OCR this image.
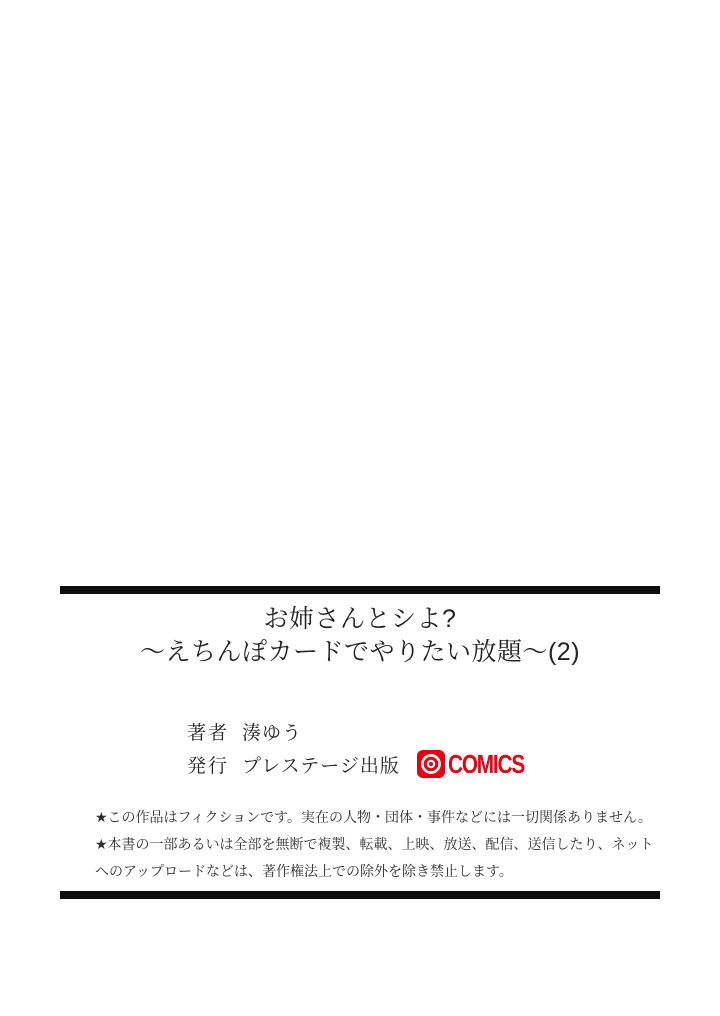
お姉さんとシよ?
～えちんぽカードでやりたい放題～(2)
著者 湊ゆう
発行 プレステージ出版 COMICS

★この作品はフィクションです。実在の人物・団体・事件などには一切関係ありません。

★本書の一部あるいは全部を無断で複製、転載、上映、放送、配信、送信したり、ネットへのアップロードなどは、著作権法上での除外を除き禁止します。
